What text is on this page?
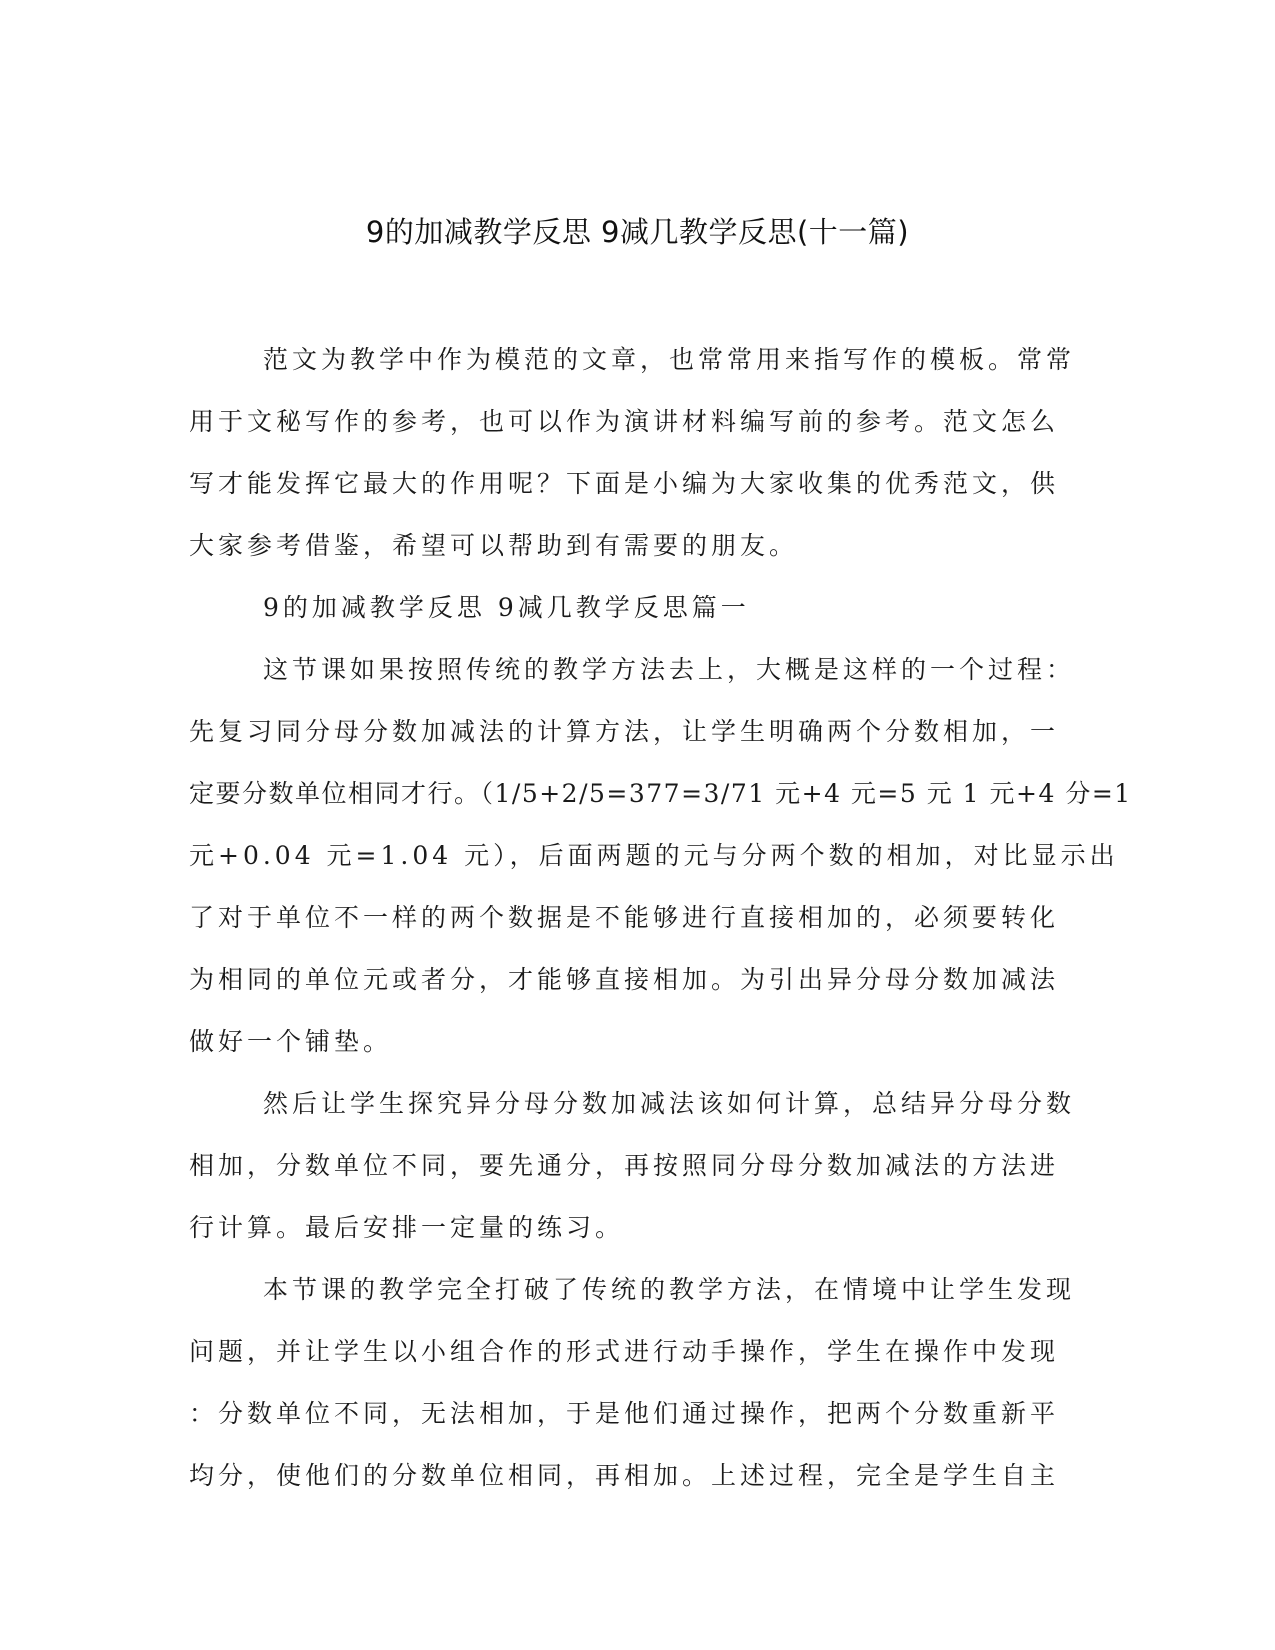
9的加减教学反思 9减几教学反思(十一篇)
范文为教学中作为模范的文章，也常常用来指写作的模板。常常
用于文秘写作的参考，也可以作为演讲材料编写前的参考。范文怎么
写才能发挥它最大的作用呢？下面是小编为大家收集的优秀范文，供
大家参考借鉴，希望可以帮助到有需要的朋友。
9的加减教学反思 9减几教学反思篇一
这节课如果按照传统的教学方法去上，大概是这样的一个过程：
先复习同分母分数加减法的计算方法，让学生明确两个分数相加，一
定要分数单位相同才行。（1/5+2/5=377=3/71 元+4 元=5 元 1 元+4 分=1
元+0.04 元=1.04 元），后面两题的元与分两个数的相加，对比显示出
了对于单位不一样的两个数据是不能够进行直接相加的，必须要转化
为相同的单位元或者分，才能够直接相加。为引出异分母分数加减法
做好一个铺垫。
然后让学生探究异分母分数加减法该如何计算，总结异分母分数
相加，分数单位不同，要先通分，再按照同分母分数加减法的方法进
行计算。最后安排一定量的练习。
本节课的教学完全打破了传统的教学方法，在情境中让学生发现
问题，并让学生以小组合作的形式进行动手操作，学生在操作中发现
：分数单位不同，无法相加，于是他们通过操作，把两个分数重新平
均分，使他们的分数单位相同，再相加。上述过程，完全是学生自主
